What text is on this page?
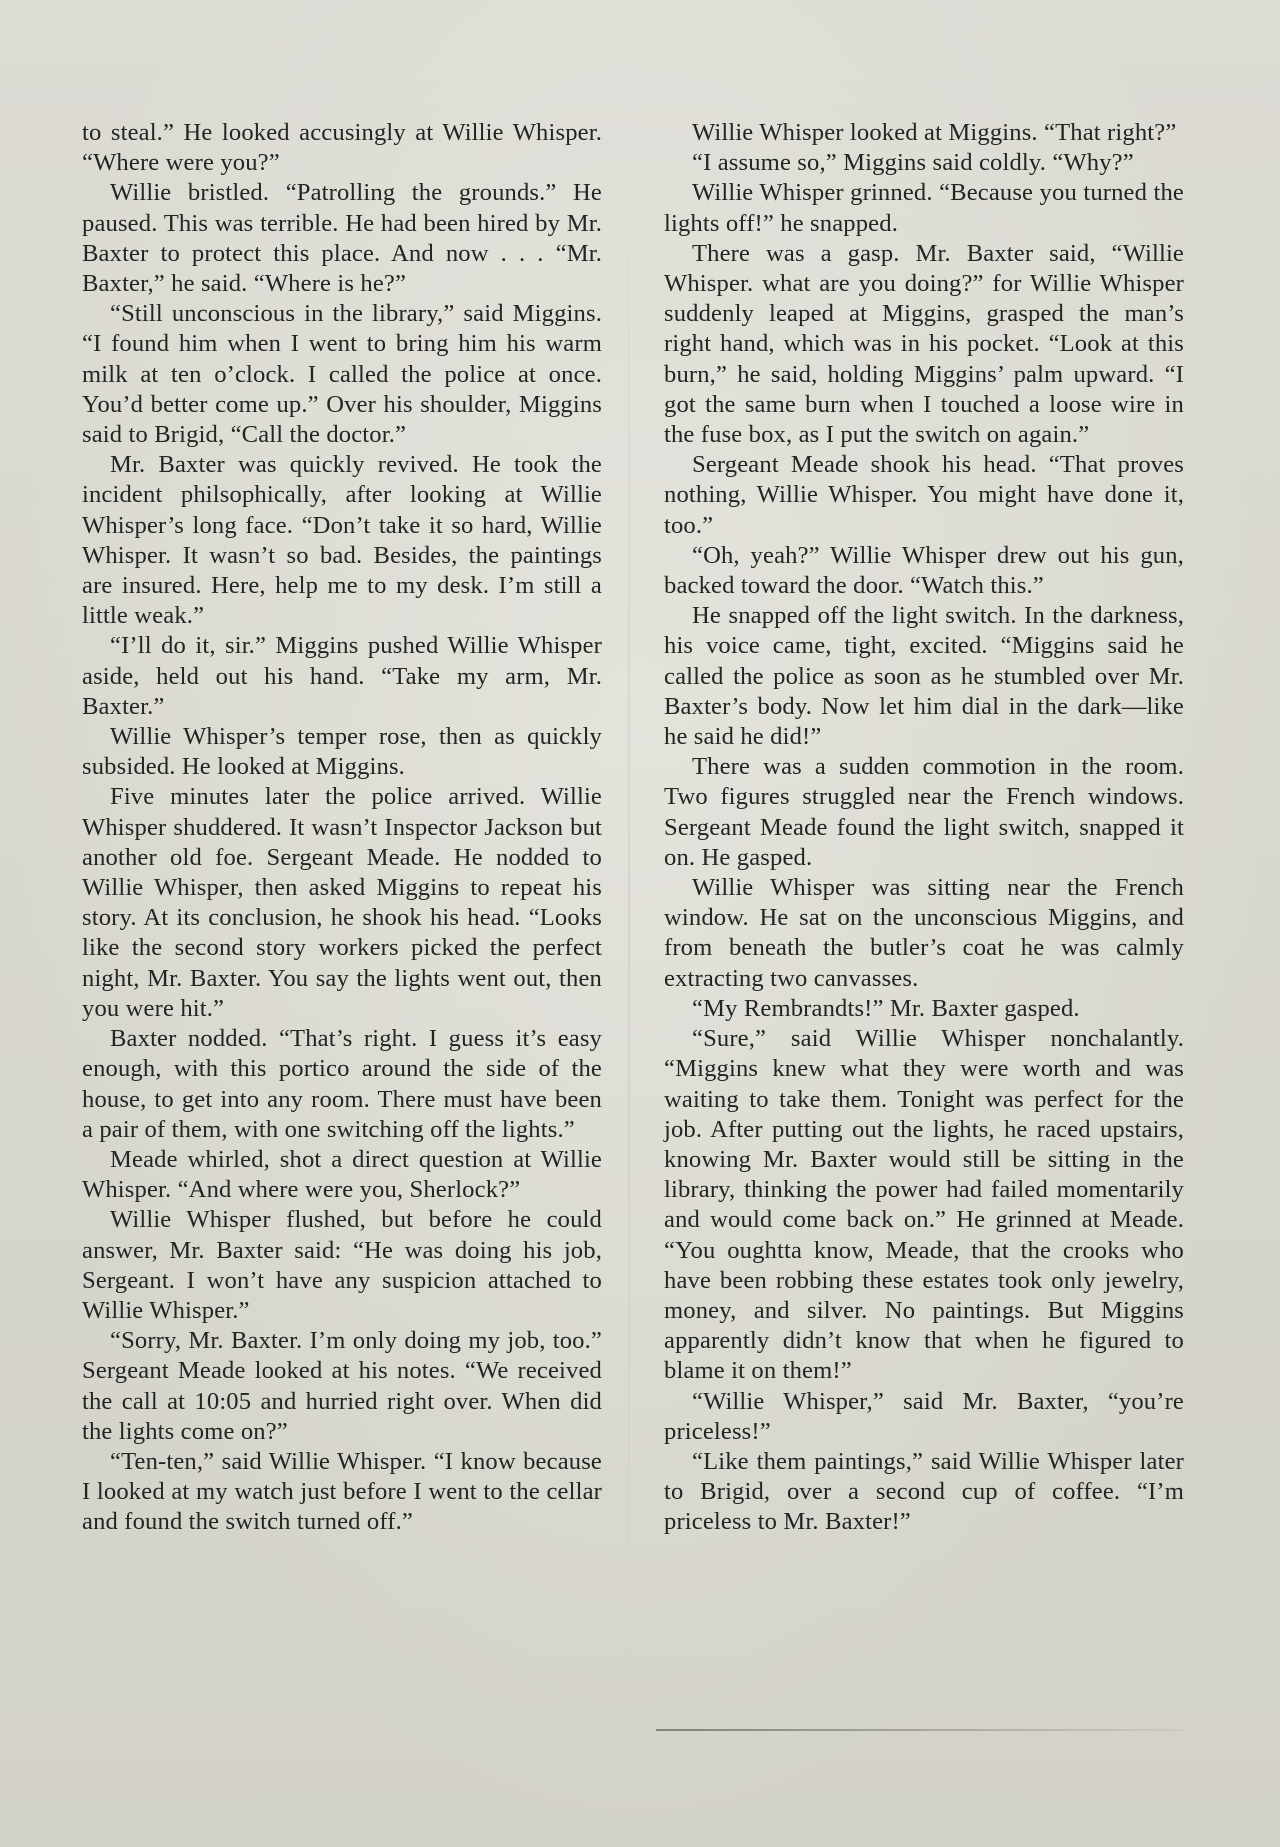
to steal.” He looked accusingly at Willie Whisper. “Where were you?”

Willie bristled. “Patrolling the grounds.” He paused. This was terrible. He had been hired by Mr. Baxter to protect this place. And now . . . “Mr. Baxter,” he said. “Where is he?”

“Still unconscious in the library,” said Miggins. “I found him when I went to bring him his warm milk at ten o’clock. I called the police at once. You’d better come up.” Over his shoulder, Miggins said to Brigid, “Call the doctor.”

Mr. Baxter was quickly revived. He took the incident philsophically, after looking at Willie Whisper’s long face. “Don’t take it so hard, Willie Whisper. It wasn’t so bad. Besides, the paintings are insured. Here, help me to my desk. I’m still a little weak.”

“I’ll do it, sir.” Miggins pushed Willie Whisper aside, held out his hand. “Take my arm, Mr. Baxter.”

Willie Whisper’s temper rose, then as quickly subsided. He looked at Miggins.

Five minutes later the police arrived. Willie Whisper shuddered. It wasn’t Inspector Jackson but another old foe. Sergeant Meade. He nodded to Willie Whisper, then asked Miggins to repeat his story. At its conclusion, he shook his head. “Looks like the second story workers picked the perfect night, Mr. Baxter. You say the lights went out, then you were hit.”

Baxter nodded. “That’s right. I guess it’s easy enough, with this portico around the side of the house, to get into any room. There must have been a pair of them, with one switching off the lights.”

Meade whirled, shot a direct question at Willie Whisper. “And where were you, Sherlock?”

Willie Whisper flushed, but before he could answer, Mr. Baxter said: “He was doing his job, Sergeant. I won’t have any suspicion attached to Willie Whisper.”

“Sorry, Mr. Baxter. I’m only doing my job, too.” Sergeant Meade looked at his notes. “We received the call at 10:05 and hurried right over. When did the lights come on?”

“Ten-ten,” said Willie Whisper. “I know because I looked at my watch just before I went to the cellar and found the switch turned off.”

Willie Whisper looked at Miggins. “That right?”

“I assume so,” Miggins said coldly. “Why?”

Willie Whisper grinned. “Because you turned the lights off!” he snapped.

There was a gasp. Mr. Baxter said, “Willie Whisper. what are you doing?” for Willie Whisper suddenly leaped at Miggins, grasped the man’s right hand, which was in his pocket. “Look at this burn,” he said, holding Miggins’ palm upward. “I got the same burn when I touched a loose wire in the fuse box, as I put the switch on again.”

Sergeant Meade shook his head. “That proves nothing, Willie Whisper. You might have done it, too.”

“Oh, yeah?” Willie Whisper drew out his gun, backed toward the door. “Watch this.”

He snapped off the light switch. In the darkness, his voice came, tight, excited. “Miggins said he called the police as soon as he stumbled over Mr. Baxter’s body. Now let him dial in the dark—like he said he did!”

There was a sudden commotion in the room. Two figures struggled near the French windows. Sergeant Meade found the light switch, snapped it on. He gasped.

Willie Whisper was sitting near the French window. He sat on the unconscious Miggins, and from beneath the butler’s coat he was calmly extracting two canvasses.

“My Rembrandts!” Mr. Baxter gasped.

“Sure,” said Willie Whisper nonchalantly. “Miggins knew what they were worth and was waiting to take them. Tonight was perfect for the job. After putting out the lights, he raced upstairs, knowing Mr. Baxter would still be sitting in the library, thinking the power had failed momentarily and would come back on.” He grinned at Meade. “You oughtta know, Meade, that the crooks who have been robbing these estates took only jewelry, money, and silver. No paintings. But Miggins apparently didn’t know that when he figured to blame it on them!”

“Willie Whisper,” said Mr. Baxter, “you’re priceless!”

“Like them paintings,” said Willie Whisper later to Brigid, over a second cup of coffee. “I’m priceless to Mr. Baxter!”
